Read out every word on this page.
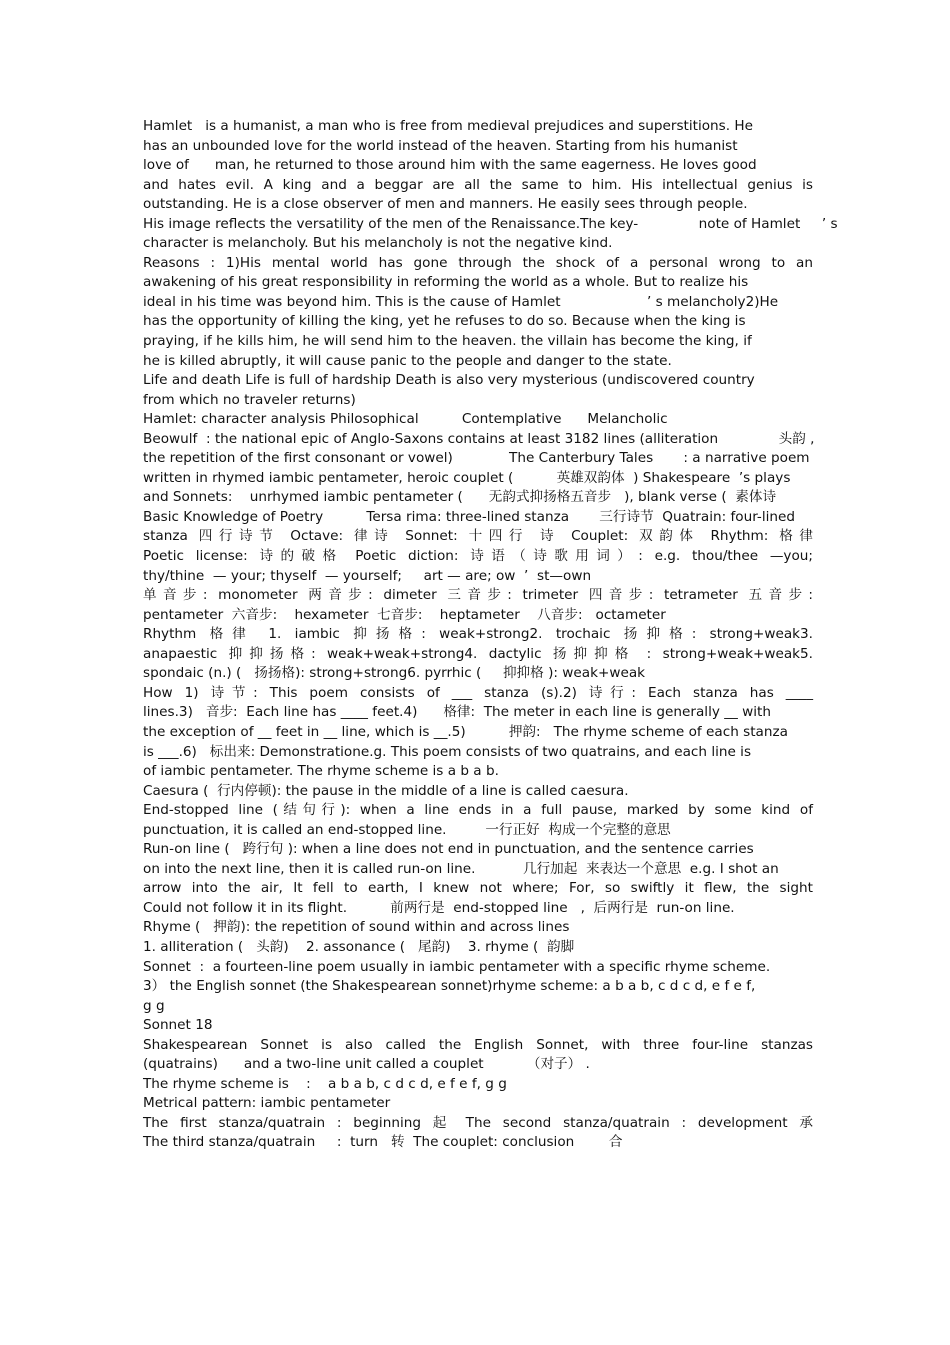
Hamlet   is a humanist, a man who is free from medieval prejudices and superstitions. He
has an unbounded love for the world instead of the heaven. Starting from his humanist
love of      man, he returned to those around him with the same eagerness. He loves good
and hates evil. A king and a beggar are all the same to him. His intellectual genius is
outstanding. He is a close observer of men and manners. He easily sees through people.
His image reflects the versatility of the men of the Renaissance.The key-              note of Hamlet     ’ s
character is melancholy. But his melancholy is not the negative kind.
Reasons : 1)His mental world has gone through the shock of a personal wrong to an
awakening of his great responsibility in reforming the world as a whole. But to realize his
ideal in his time was beyond him. This is the cause of Hamlet                    ’ s melancholy2)He
has the opportunity of killing the king, yet he refuses to do so. Because when the king is
praying, if he kills him, he will send him to the heaven. the villain has become the king, if
he is killed abruptly, it will cause panic to the people and danger to the state.
Life and death Life is full of hardship Death is also very mysterious (undiscovered country
from which no traveler returns)
Hamlet: character analysis Philosophical          Contemplative      Melancholic
Beowulf  : the national epic of Anglo-Saxons contains at least 3182 lines (alliteration              头韵 ,
the repetition of the first consonant or vowel)             The Canterbury Tales       : a narrative poem
written in rhymed iambic pentameter, heroic couplet (          英雄双韵体  ) Shakespeare  ’s plays
and Sonnets:    unrhymed iambic pentameter (      无韵式抑扬格五音步   ), blank verse (  素体诗
Basic Knowledge of Poetry          Tersa rima: three-lined stanza       三行诗节  Quatrain: four-lined
stanza 四行诗节 Octave: 律诗 Sonnet: 十四行 诗 Couplet: 双韵体 Rhythm: 格律
Poetic license: 诗的破格 Poetic diction: 诗语（诗歌用词）: e.g. thou/thee —you;
thy/thine  — your; thyself  — yourself;     art — are; ow  ’  st—own
单音步: monometer 两音步: dimeter 三音步: trimeter 四音步: tetrameter 五音步:
pentameter  六音步:    hexameter  七音步:    heptameter    八音步:   octameter
Rhythm 格律 1. iambic 抑扬格: weak+strong2. trochaic 扬抑格: strong+weak3.
anapaestic 抑抑扬格: weak+weak+strong4. dactylic 扬抑抑格 : strong+weak+weak5.
spondaic (n.) (   扬扬格): strong+strong6. pyrrhic (     抑抑格 ): weak+weak
How 1) 诗节: This poem consists of ___ stanza (s).2) 诗行: Each stanza has ____
lines.3)   音步:  Each line has ____ feet.4)      格律:  The meter in each line is generally __ with
the exception of __ feet in __ line, which is __.5)          押韵:   The rhyme scheme of each stanza
is ___.6)   标出来: Demonstratione.g. This poem consists of two quatrains, and each line is
of iambic pentameter. The rhyme scheme is a b a b.
Caesura (  行内停顿): the pause in the middle of a line is called caesura.
End-stopped line (结句行): when a line ends in a full pause, marked by some kind of
punctuation, it is called an end-stopped line.         一行正好  构成一个完整的意思
Run-on line (   跨行句 ): when a line does not end in punctuation, and the sentence carries
on into the next line, then it is called run-on line.           几行加起  来表达一个意思  e.g. I shot an
arrow into the air, It fell to earth, I knew not where; For, so swiftly it flew, the sight
Could not follow it in its flight.          前两行是  end-stopped line   ,  后两行是  run-on line.
Rhyme (   押韵): the repetition of sound within and across lines
1. alliteration (   头韵)    2. assonance (   尾韵)    3. rhyme (  韵脚
Sonnet  :  a fourteen-line poem usually in iambic pentameter with a specific rhyme scheme.
3） the English sonnet (the Shakespearean sonnet)rhyme scheme: a b a b, c d c d, e f e f,
g g
Sonnet 18
Shakespearean Sonnet is also called the English Sonnet, with three four-line stanzas
(quatrains)      and a two-line unit called a couplet          （对子） .
The rhyme scheme is    :    a b a b, c d c d, e f e f, g g
Metrical pattern: iambic pentameter
The first stanza/quatrain : beginning 起 The second stanza/quatrain : development 承
The third stanza/quatrain     :  turn   转  The couplet: conclusion        合
